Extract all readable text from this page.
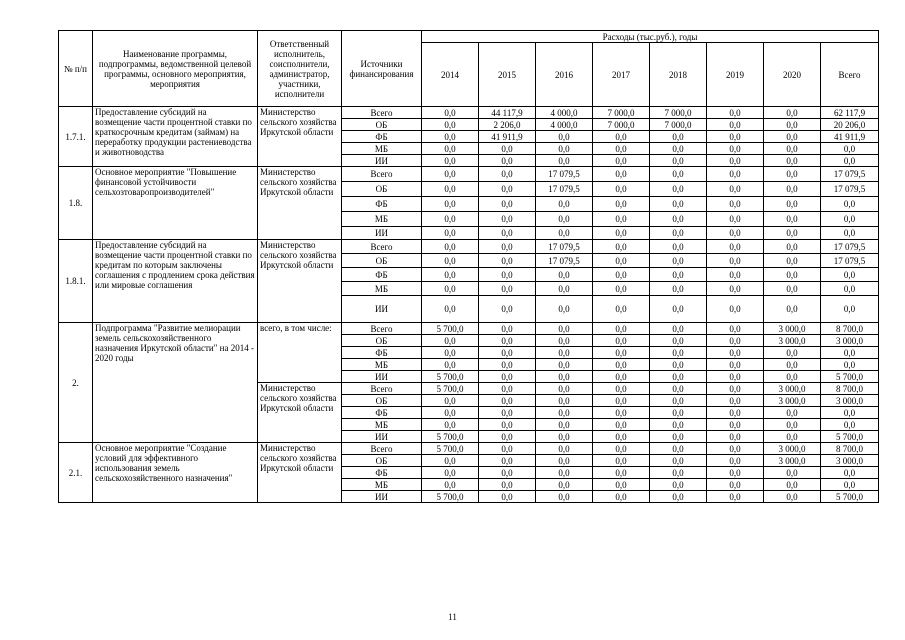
№ п/п	Наименование программы, подпрограммы, ведомственной целевой программы, основного мероприятия, мероприятия	Ответственный исполнитель, соисполнители, администратор, участники, исполнители	Источники финансирования	Расходы (тыс.руб.), годы							
				2014	2015	2016	2017	2018	2019	2020	Всего
1.7.1.	Предоставление субсидий на возмещение части процентной ставки по краткосрочным кредитам (займам) на переработку продукции растениеводства и животноводства	Министерство сельского хозяйства Иркутской области	Всего	0,0	44 117,9	4 000,0	7 000,0	7 000,0	0,0	0,0	62 117,9
			ОБ	0,0	2 206,0	4 000,0	7 000,0	7 000,0	0,0	0,0	20 206,0
			ФБ	0,0	41 911,9	0,0	0,0	0,0	0,0	0,0	41 911,9
			МБ	0,0	0,0	0,0	0,0	0,0	0,0	0,0	0,0
			ИИ	0,0	0,0	0,0	0,0	0,0	0,0	0,0	0,0
1.8.	Основное мероприятие "Повышение финансовой устойчивости сельхозтоваропроизводителей"	Министерство сельского хозяйства Иркутской области	Всего	0,0	0,0	17 079,5	0,0	0,0	0,0	0,0	17 079,5
			ОБ	0,0	0,0	17 079,5	0,0	0,0	0,0	0,0	17 079,5
			ФБ	0,0	0,0	0,0	0,0	0,0	0,0	0,0	0,0
			МБ	0,0	0,0	0,0	0,0	0,0	0,0	0,0	0,0
			ИИ	0,0	0,0	0,0	0,0	0,0	0,0	0,0	0,0
1.8.1.	Предоставление субсидий на возмещение части процентной ставки по кредитам по которым заключены соглашения с продлением срока действия или мировые соглашения	Министерство сельского хозяйства Иркутской области	Всего	0,0	0,0	17 079,5	0,0	0,0	0,0	0,0	17 079,5
			ОБ	0,0	0,0	17 079,5	0,0	0,0	0,0	0,0	17 079,5
			ФБ	0,0	0,0	0,0	0,0	0,0	0,0	0,0	0,0
			МБ	0,0	0,0	0,0	0,0	0,0	0,0	0,0	0,0
			ИИ	0,0	0,0	0,0	0,0	0,0	0,0	0,0	0,0
2.	Подпрограмма "Развитие мелиорации земель сельскохозяйственного назначения Иркутской области" на 2014 - 2020 годы	всего, в том числе:	Всего	5 700,0	0,0	0,0	0,0	0,0	0,0	3 000,0	8 700,0
			ОБ	0,0	0,0	0,0	0,0	0,0	0,0	3 000,0	3 000,0
			ФБ	0,0	0,0	0,0	0,0	0,0	0,0	0,0	0,0
			МБ	0,0	0,0	0,0	0,0	0,0	0,0	0,0	0,0
			ИИ	5 700,0	0,0	0,0	0,0	0,0	0,0	0,0	5 700,0
		Министерство сельского хозяйства Иркутской области	Всего	5 700,0	0,0	0,0	0,0	0,0	0,0	3 000,0	8 700,0
			ОБ	0,0	0,0	0,0	0,0	0,0	0,0	3 000,0	3 000,0
			ФБ	0,0	0,0	0,0	0,0	0,0	0,0	0,0	0,0
			МБ	0,0	0,0	0,0	0,0	0,0	0,0	0,0	0,0
			ИИ	5 700,0	0,0	0,0	0,0	0,0	0,0	0,0	5 700,0
2.1.	Основное мероприятие "Создание условий для эффективного использования земель сельскохозяйственного назначения"	Министерство сельского хозяйства Иркутской области	Всего	5 700,0	0,0	0,0	0,0	0,0	0,0	3 000,0	8 700,0
			ОБ	0,0	0,0	0,0	0,0	0,0	0,0	3 000,0	3 000,0
			ФБ	0,0	0,0	0,0	0,0	0,0	0,0	0,0	0,0
			МБ	0,0	0,0	0,0	0,0	0,0	0,0	0,0	0,0
			ИИ	5 700,0	0,0	0,0	0,0	0,0	0,0	0,0	5 700,0
11
